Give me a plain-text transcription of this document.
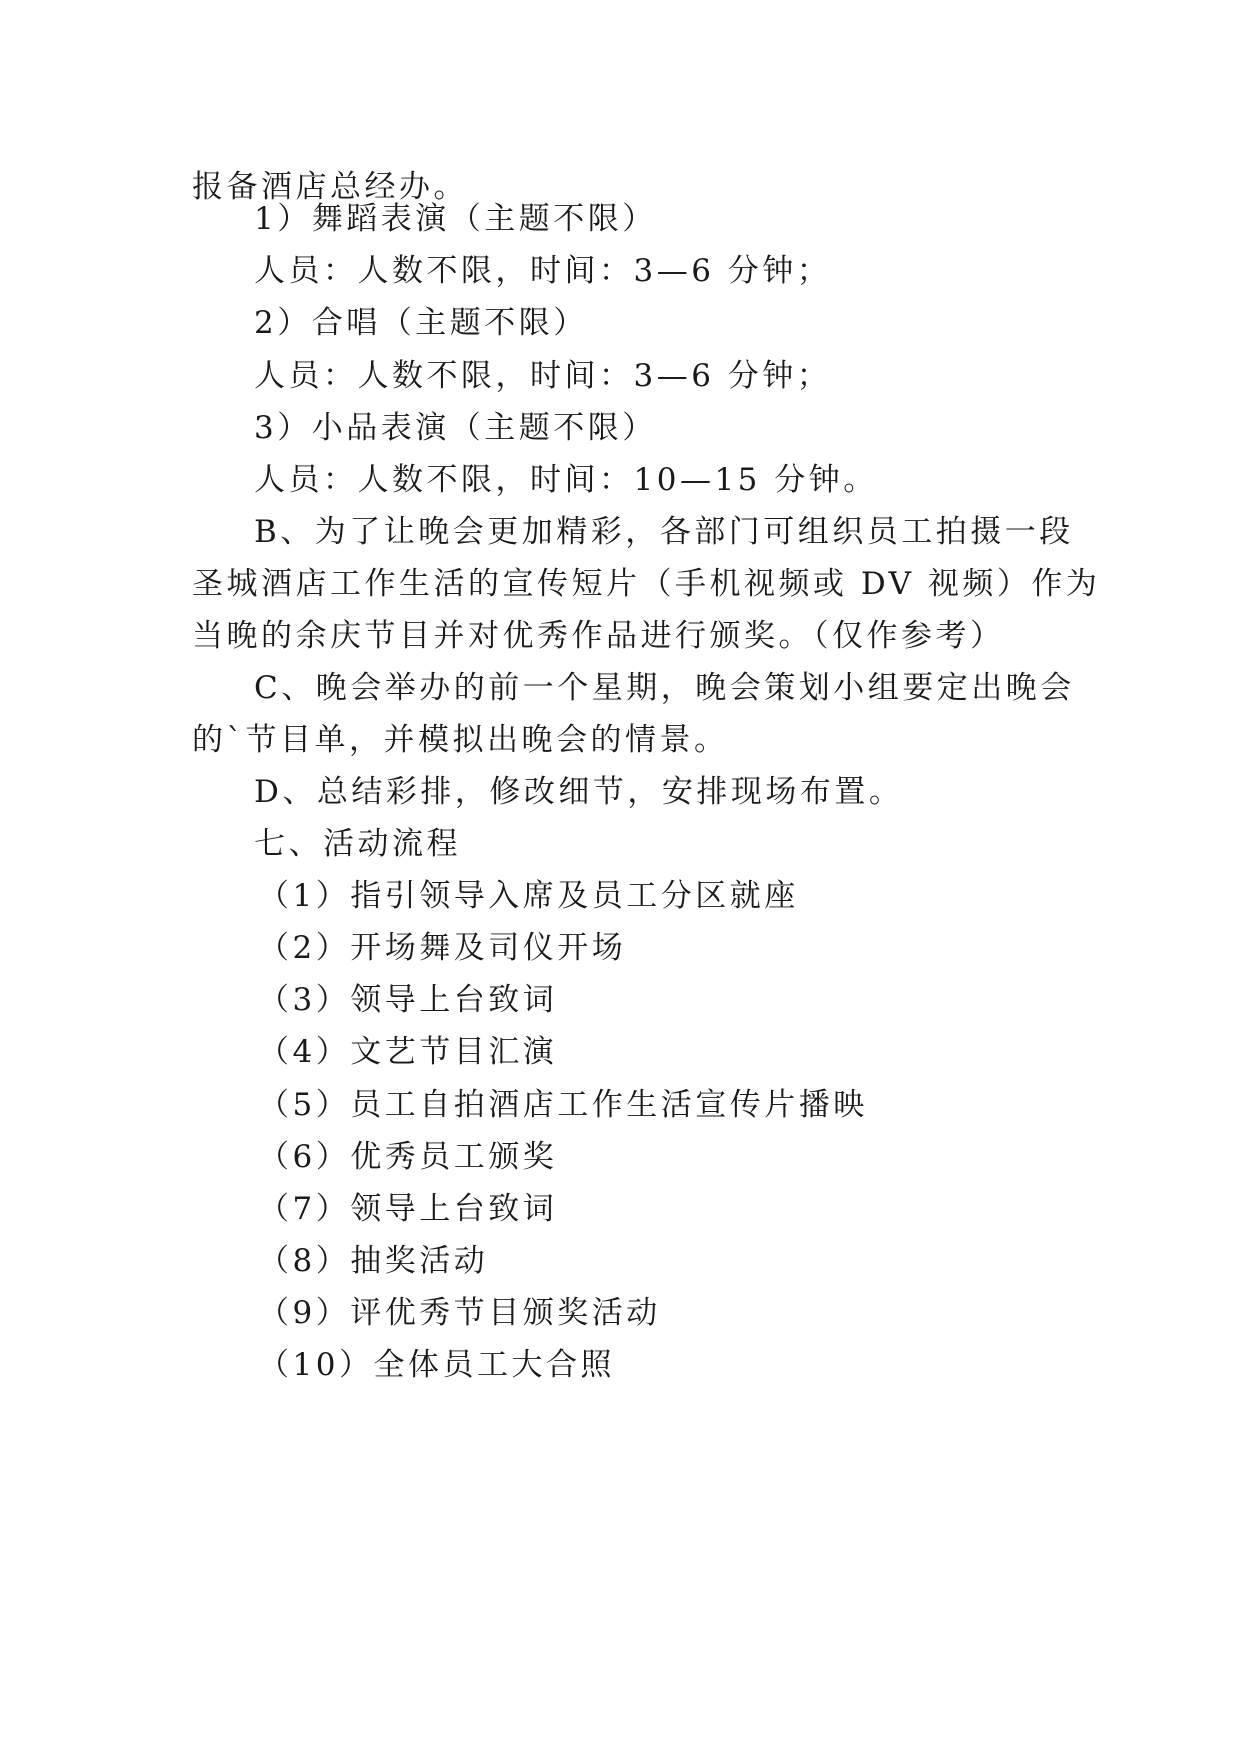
报备酒店总经办。
1）舞蹈表演（主题不限）
人员：人数不限，时间：3—6 分钟；
2）合唱（主题不限）
人员：人数不限，时间：3—6 分钟；
3）小品表演（主题不限）
人员：人数不限，时间：10—15 分钟。
B、为了让晚会更加精彩，各部门可组织员工拍摄一段
圣城酒店工作生活的宣传短片（手机视频或 DV 视频）作为
当晚的余庆节目并对优秀作品进行颁奖。（仅作参考）
C、晚会举办的前一个星期，晚会策划小组要定出晚会
的`节目单，并模拟出晚会的情景。
D、总结彩排，修改细节，安排现场布置。
七、活动流程
（1）指引领导入席及员工分区就座
（2）开场舞及司仪开场
（3）领导上台致词
（4）文艺节目汇演
（5）员工自拍酒店工作生活宣传片播映
（6）优秀员工颁奖
（7）领导上台致词
（8）抽奖活动
（9）评优秀节目颁奖活动
（10）全体员工大合照
